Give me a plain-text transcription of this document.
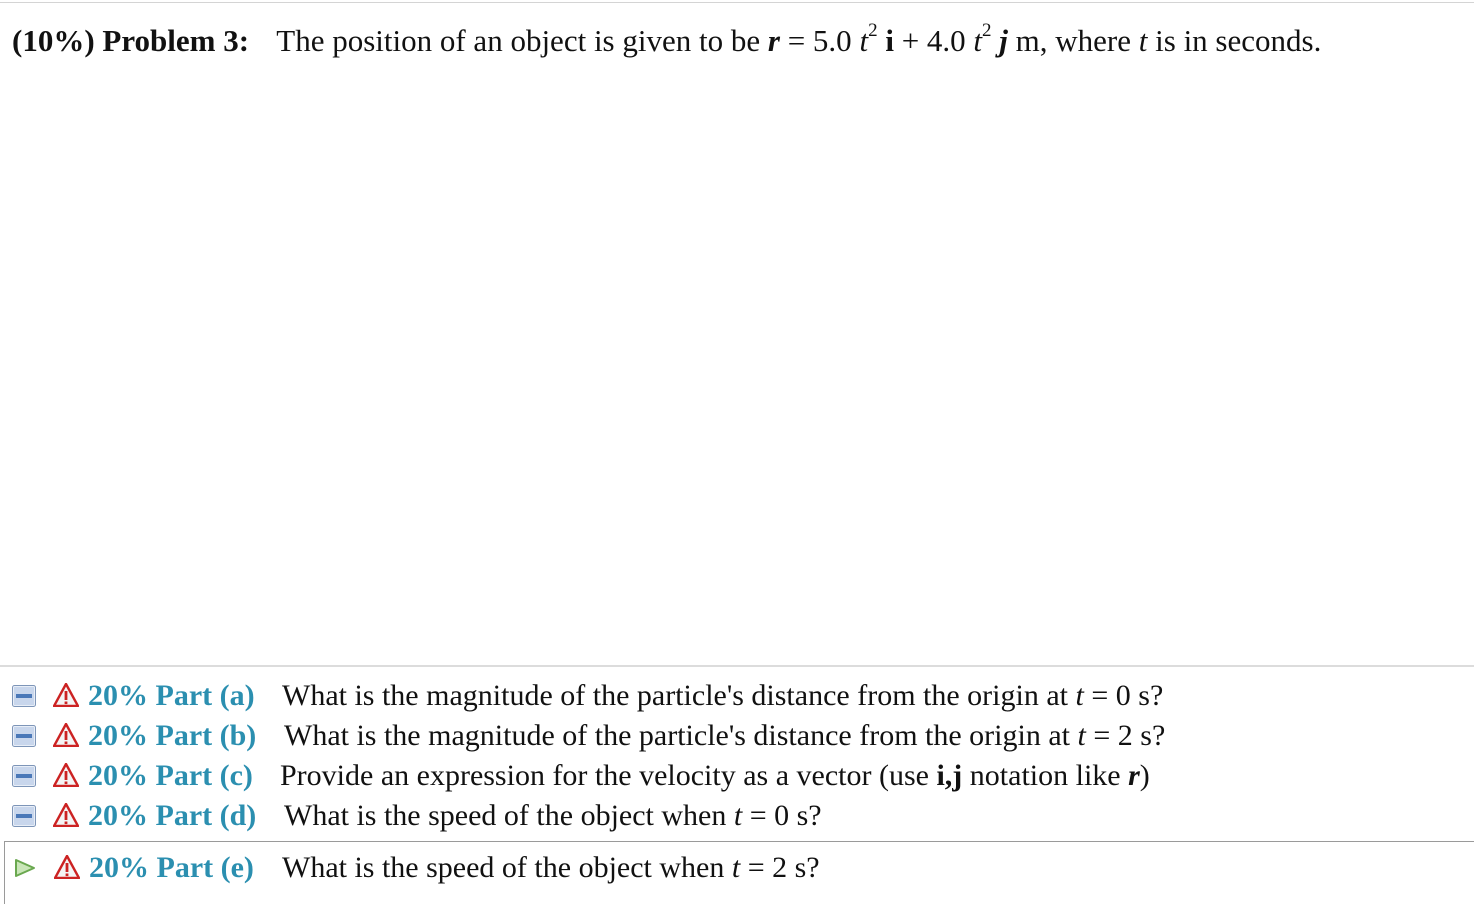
(10%) Problem 3: The position of an object is given to be r = 5.0 $t^2$ i + 4.0 $t^2$ j m, where t is in seconds.
20% Part (a) What is the magnitude of the particle's distance from the origin at t = 0 s?
20% Part (b) What is the magnitude of the particle's distance from the origin at t = 2 s?
20% Part (c) Provide an expression for the velocity as a vector (use i,j notation like r)
20% Part (d) What is the speed of the object when t = 0 s?
20% Part (e) What is the speed of the object when t = 2 s?
